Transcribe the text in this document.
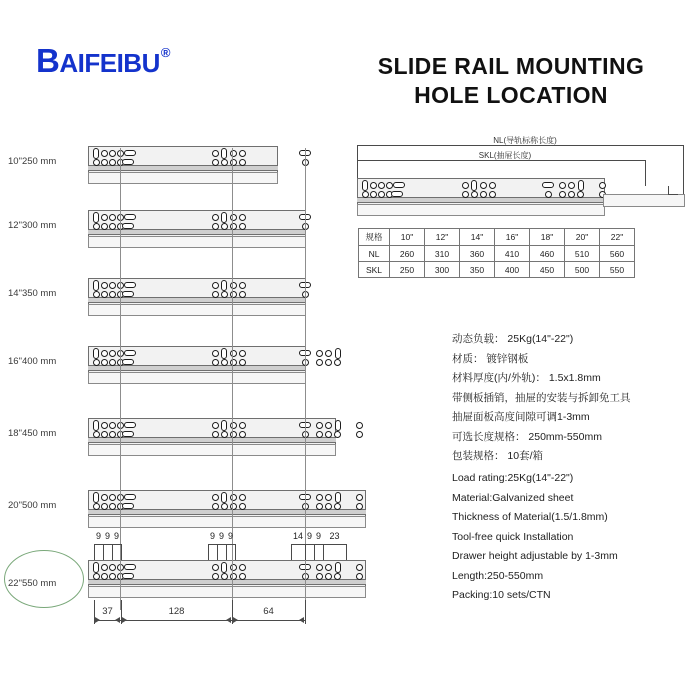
BAIFEIBU®
SLIDE RAIL MOUNTING
HOLE LOCATION
10"250 mm
12"300 mm
14"350 mm
16"400 mm
18"450 mm
20"500 mm
22"550 mm
9 9 9	9 9 9	14 9 9 23
37	128	64
NL(导轨标称长度)
SKL(抽屉长度)
规格	10"	12"	14"	16"	18"	20"	22"
NL	260	310	360	410	460	510	560
SKL	250	300	350	400	450	500	550
动态负载： 25Kg(14"-22")
材质： 镀锌钢板
材料厚度(内/外轨)： 1.5x1.8mm
带侧板插销，抽屉的安装与拆卸免工具
抽屉面板高度间隙可调1-3mm
可选长度规格： 250mm-550mm
包装规格： 10套/箱
Load rating:25Kg(14"-22")
Material:Galvanized sheet
Thickness of Material(1.5/1.8mm)
Tool-free quick Installation
Drawer height adjustable by 1-3mm
Length:250-550mm
Packing:10 sets/CTN
